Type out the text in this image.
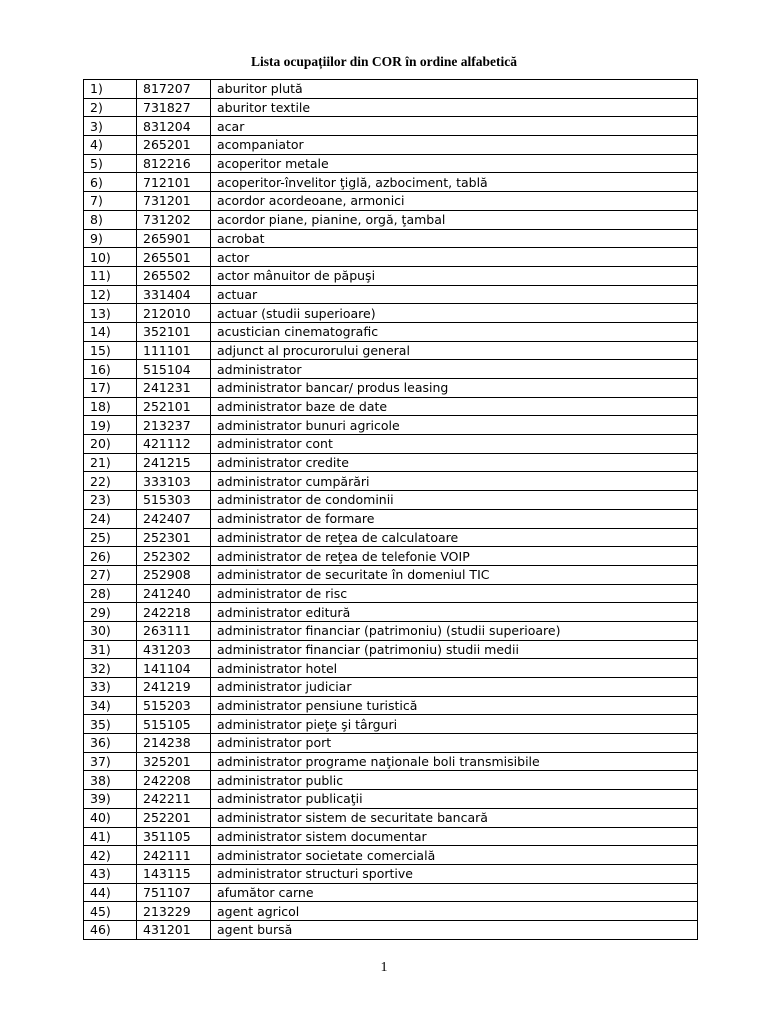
Lista ocupațiilor din COR în ordine alfabetică
1)	817207	aburitor plută
2)	731827	aburitor textile
3)	831204	acar
4)	265201	acompaniator
5)	812216	acoperitor metale
6)	712101	acoperitor-învelitor ţiglă, azbociment, tablă
7)	731201	acordor acordeoane, armonici
8)	731202	acordor piane, pianine, orgă, ţambal
9)	265901	acrobat
10)	265501	actor
11)	265502	actor mânuitor de păpuşi
12)	331404	actuar
13)	212010	actuar (studii superioare)
14)	352101	acustician cinematografic
15)	111101	adjunct al procurorului general
16)	515104	administrator
17)	241231	administrator bancar/ produs leasing
18)	252101	administrator baze de date
19)	213237	administrator bunuri agricole
20)	421112	administrator cont
21)	241215	administrator credite
22)	333103	administrator cumpărări
23)	515303	administrator de condominii
24)	242407	administrator de formare
25)	252301	administrator de reţea de calculatoare
26)	252302	administrator de reţea de telefonie VOIP
27)	252908	administrator de securitate în domeniul TIC
28)	241240	administrator de risc
29)	242218	administrator editură
30)	263111	administrator financiar (patrimoniu) (studii superioare)
31)	431203	administrator financiar (patrimoniu) studii medii
32)	141104	administrator hotel
33)	241219	administrator judiciar
34)	515203	administrator pensiune turistică
35)	515105	administrator pieţe şi târguri
36)	214238	administrator port
37)	325201	administrator programe naţionale boli transmisibile
38)	242208	administrator public
39)	242211	administrator publicaţii
40)	252201	administrator sistem de securitate bancară
41)	351105	administrator sistem documentar
42)	242111	administrator societate comercială
43)	143115	administrator structuri sportive
44)	751107	afumător carne
45)	213229	agent agricol
46)	431201	agent bursă
1
